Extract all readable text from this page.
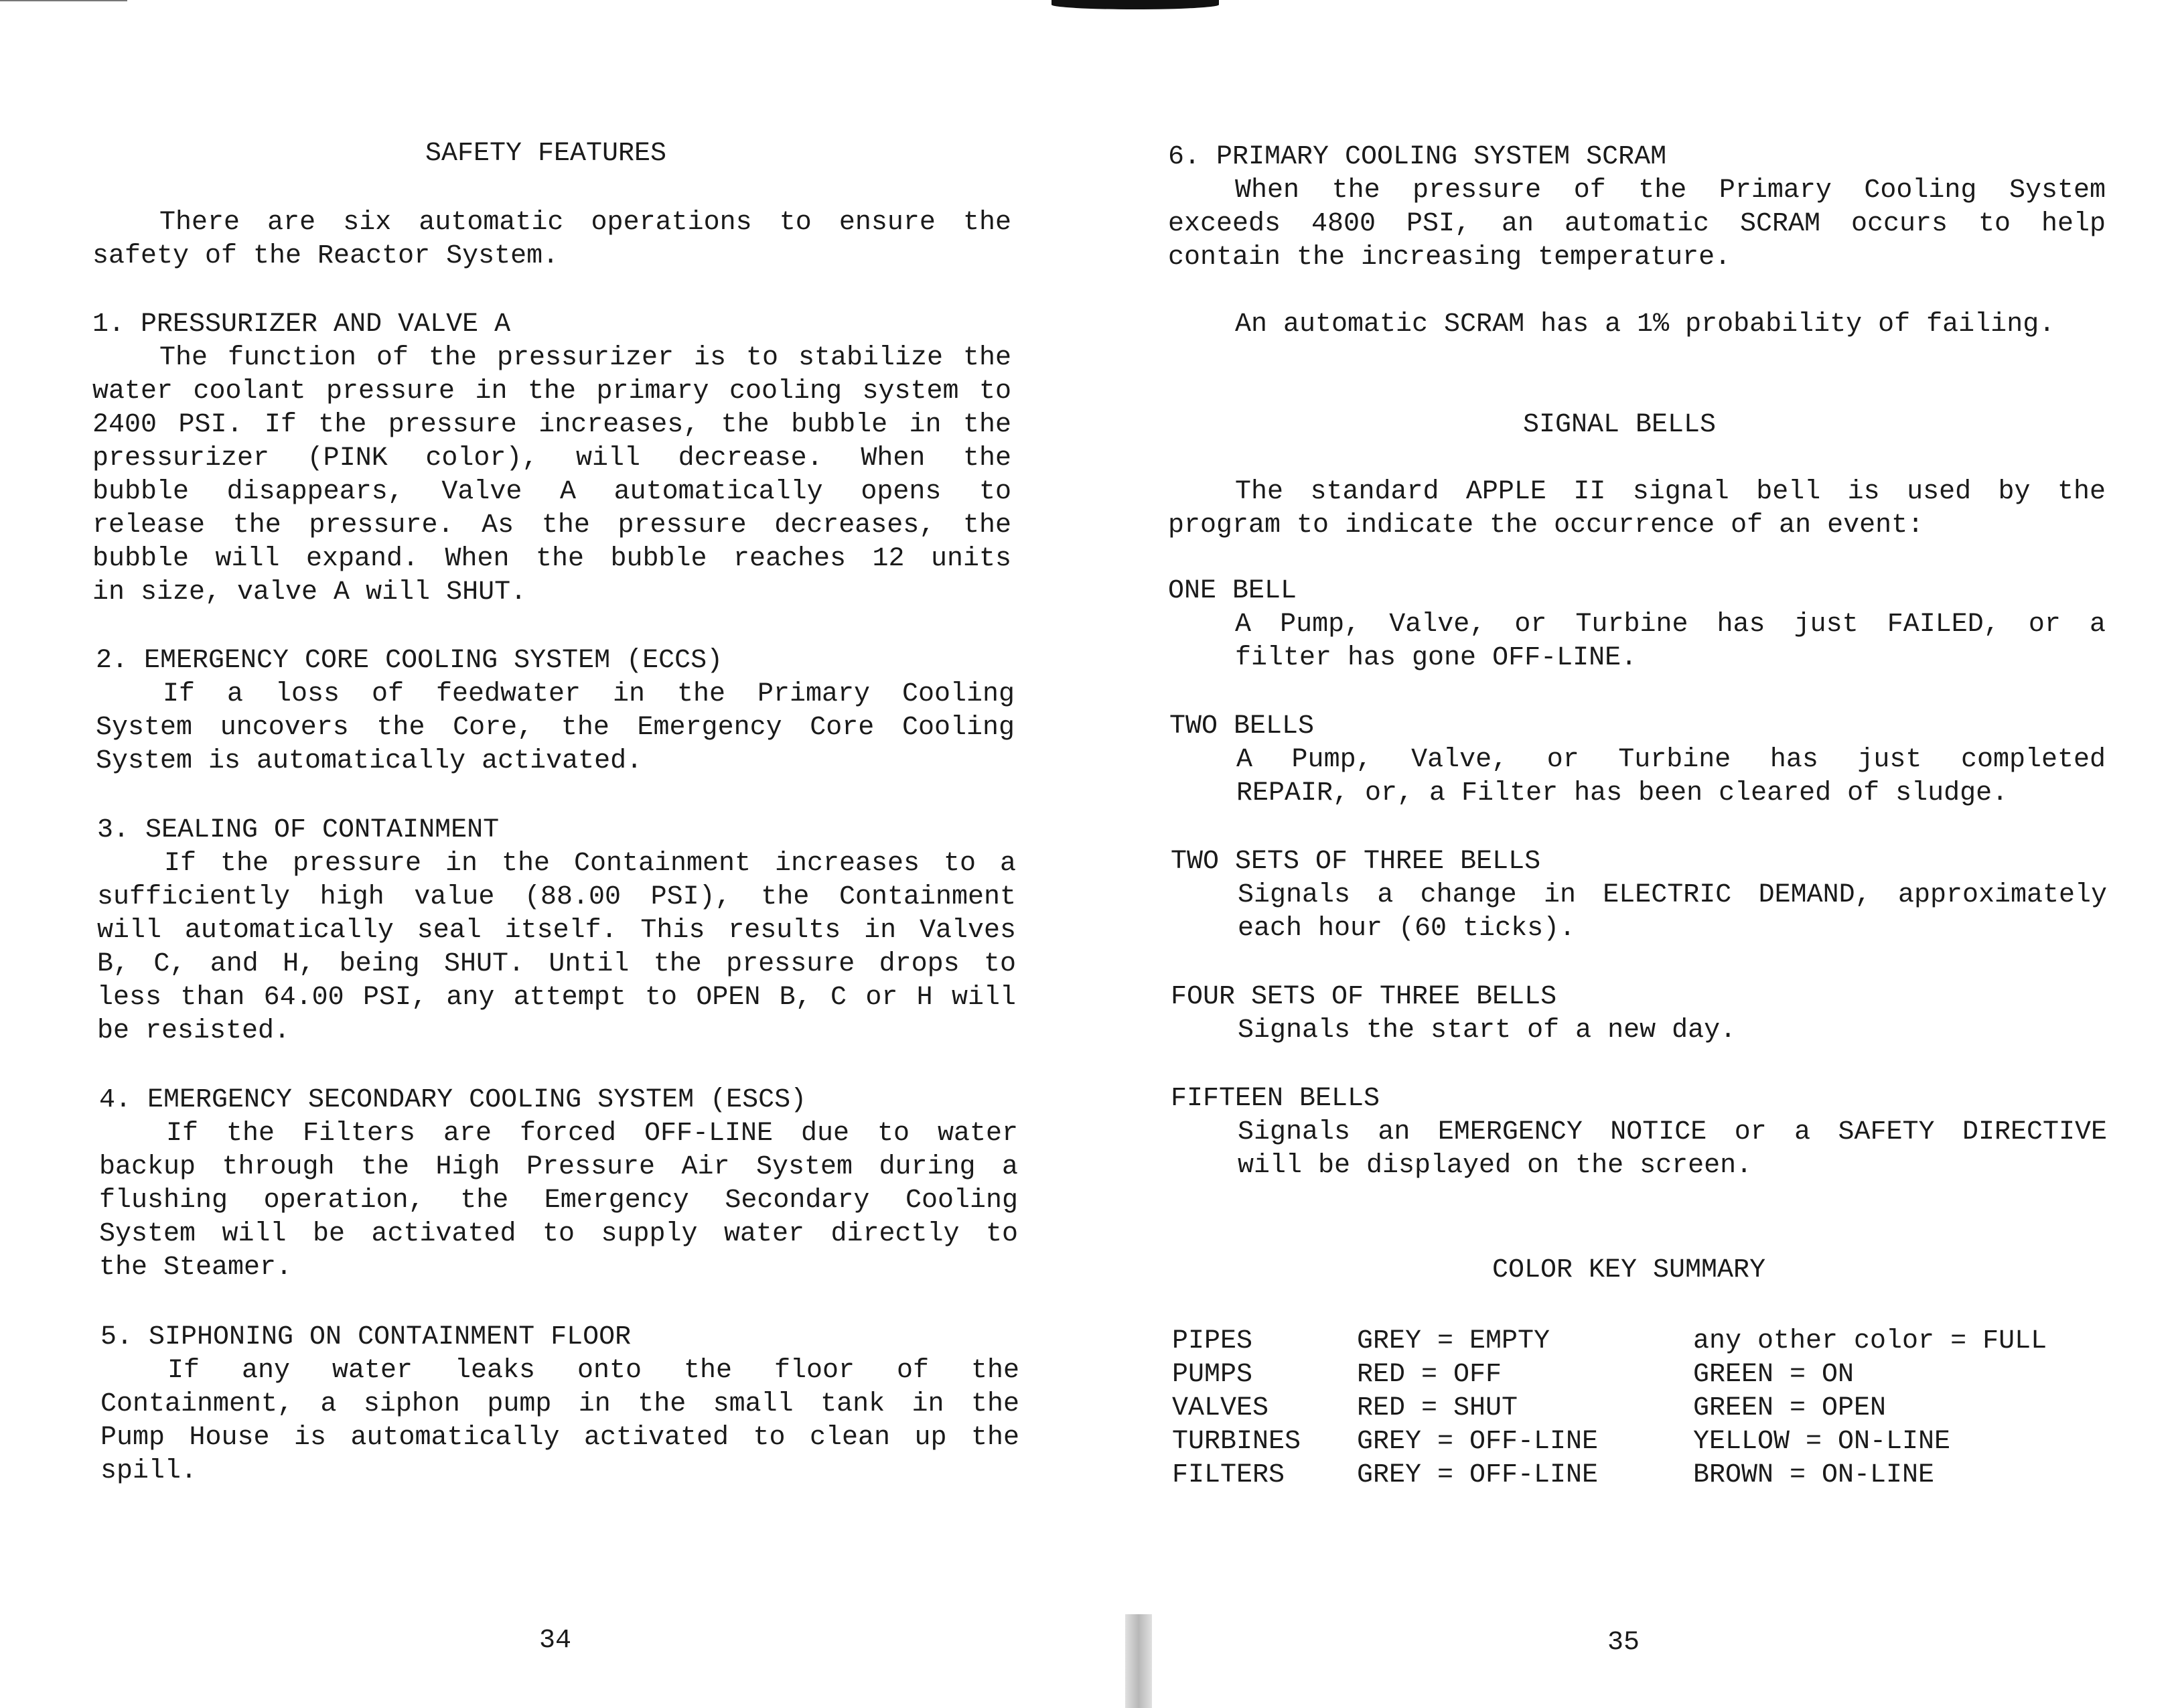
SAFETY FEATURES
There are six automatic operations to ensure the
safety of the Reactor System.
1. PRESSURIZER AND VALVE A
The function of the pressurizer is to stabilize the
water coolant pressure in the primary cooling system to
2400 PSI. If the pressure increases, the bubble in the
pressurizer (PINK color), will decrease. When the
bubble disappears, Valve A automatically opens to
release the pressure. As the pressure decreases, the
bubble will expand. When the bubble reaches 12 units
in size, valve A will SHUT.
2. EMERGENCY CORE COOLING SYSTEM (ECCS)
If a loss of feedwater in the Primary Cooling
System uncovers the Core, the Emergency Core Cooling
System is automatically activated.
3. SEALING OF CONTAINMENT
If the pressure in the Containment increases to a
sufficiently high value (88.00 PSI), the Containment
will automatically seal itself. This results in Valves
B, C, and H, being SHUT. Until the pressure drops to
less than 64.00 PSI, any attempt to OPEN B, C or H will
be resisted.
4. EMERGENCY SECONDARY COOLING SYSTEM (ESCS)
If the Filters are forced OFF-LINE due to water
backup through the High Pressure Air System during a
flushing operation, the Emergency Secondary Cooling
System will be activated to supply water directly to
the Steamer.
5. SIPHONING ON CONTAINMENT FLOOR
If any water leaks onto the floor of the
Containment, a siphon pump in the small tank in the
Pump House is automatically activated to clean up the
spill.
34
6. PRIMARY COOLING SYSTEM SCRAM
When the pressure of the Primary Cooling System
exceeds 4800 PSI, an automatic SCRAM occurs to help
contain the increasing temperature.
An automatic SCRAM has a 1% probability of failing.
SIGNAL BELLS
The standard APPLE II signal bell is used by the
program to indicate the occurrence of an event:
ONE BELL
A Pump, Valve, or Turbine has just FAILED, or a
filter has gone OFF-LINE.
TWO BELLS
A Pump, Valve, or Turbine has just completed
REPAIR, or, a Filter has been cleared of sludge.
TWO SETS OF THREE BELLS
Signals a change in ELECTRIC DEMAND, approximately
each hour (60 ticks).
FOUR SETS OF THREE BELLS
Signals the start of a new day.
FIFTEEN BELLS
Signals an EMERGENCY NOTICE or a SAFETY DIRECTIVE
will be displayed on the screen.
COLOR KEY SUMMARY
PIPES	GREY = EMPTY	any other color = FULL
PUMPS	RED = OFF	GREEN = ON
VALVES	RED = SHUT	GREEN = OPEN
TURBINES GREY = OFF-LINE	YELLOW = ON-LINE
FILTERS	GREY = OFF-LINE	BROWN = ON-LINE
35
